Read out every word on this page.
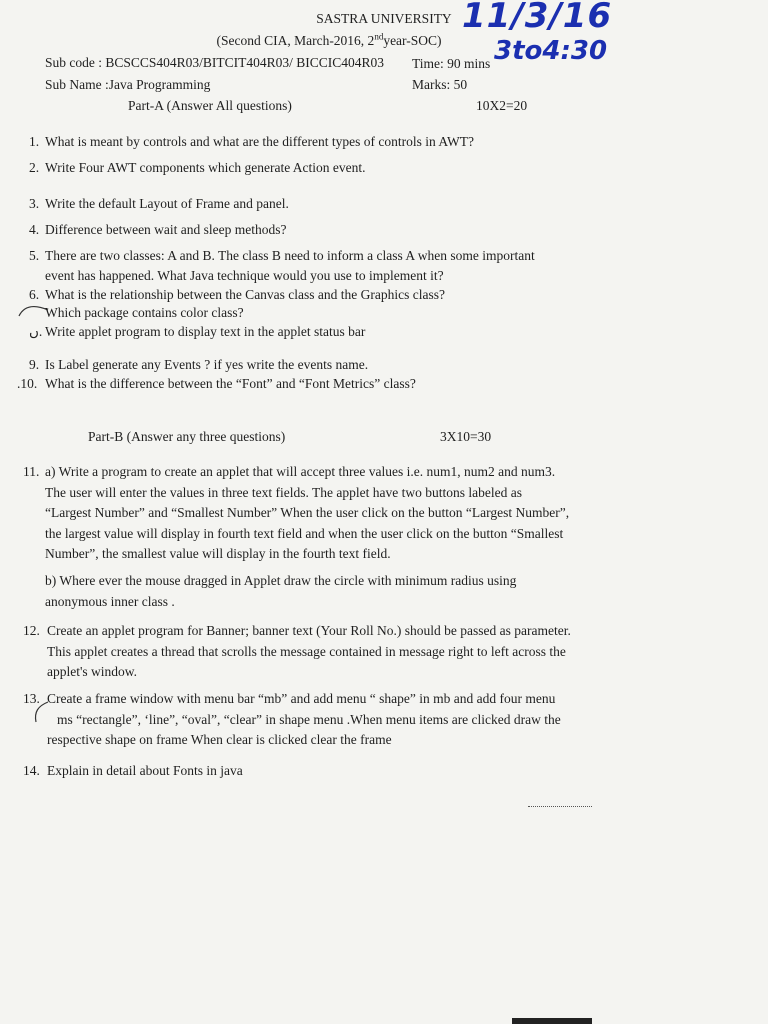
SASTRA UNIVERSITY
(Second CIA, March-2016, 2ndyear-SOC)
Sub code : BCSCCS404R03/BITCIT404R03/ BICCIC404R03 Time: 90 mins
Sub Name :Java Programming	Marks: 50
11/3/16
3to4:30
Part-A (Answer All questions)	10X2=20
1. What is meant by controls and what are the different types of controls in AWT?
2. Write Four AWT components which generate Action event.
3. Write the default Layout of Frame and panel.
4. Difference between wait and sleep methods?
5. There are two classes: A and B. The class B need to inform a class A when some important
event has happened. What Java technique would you use to implement it?
6. What is the relationship between the Canvas class and the Graphics class?
Which package contains color class?
ں. Write applet program to display text in the applet status bar
9. Is Label generate any Events ? if yes write the events name.
.10. What is the difference between the “Font” and “Font Metrics” class?
Part-B (Answer any three questions)	3X10=30
11. a) Write a program to create an applet that will accept three values i.e. num1, num2 and num3.
The user will enter the values in three text fields. The applet have two buttons labeled as
“Largest Number” and “Smallest Number” When the user click on the button “Largest Number”,
the largest value will display in fourth text field and when the user click on the button “Smallest
Number”, the smallest value will display in the fourth text field.
b) Where ever the mouse dragged in Applet draw the circle with minimum radius using
anonymous inner class .
12. Create an applet program for Banner; banner text (Your Roll No.) should be passed as parameter.
This applet creates a thread that scrolls the message contained in message right to left across the
applet's window.
13. Create a frame window with menu bar “mb” and add menu “ shape” in mb and add four menu
ms “rectangle”, ‘line”, “oval”, “clear” in shape menu .When menu items are clicked draw the
respective shape on frame When clear is clicked clear the frame
14. Explain in detail about Fonts in java
